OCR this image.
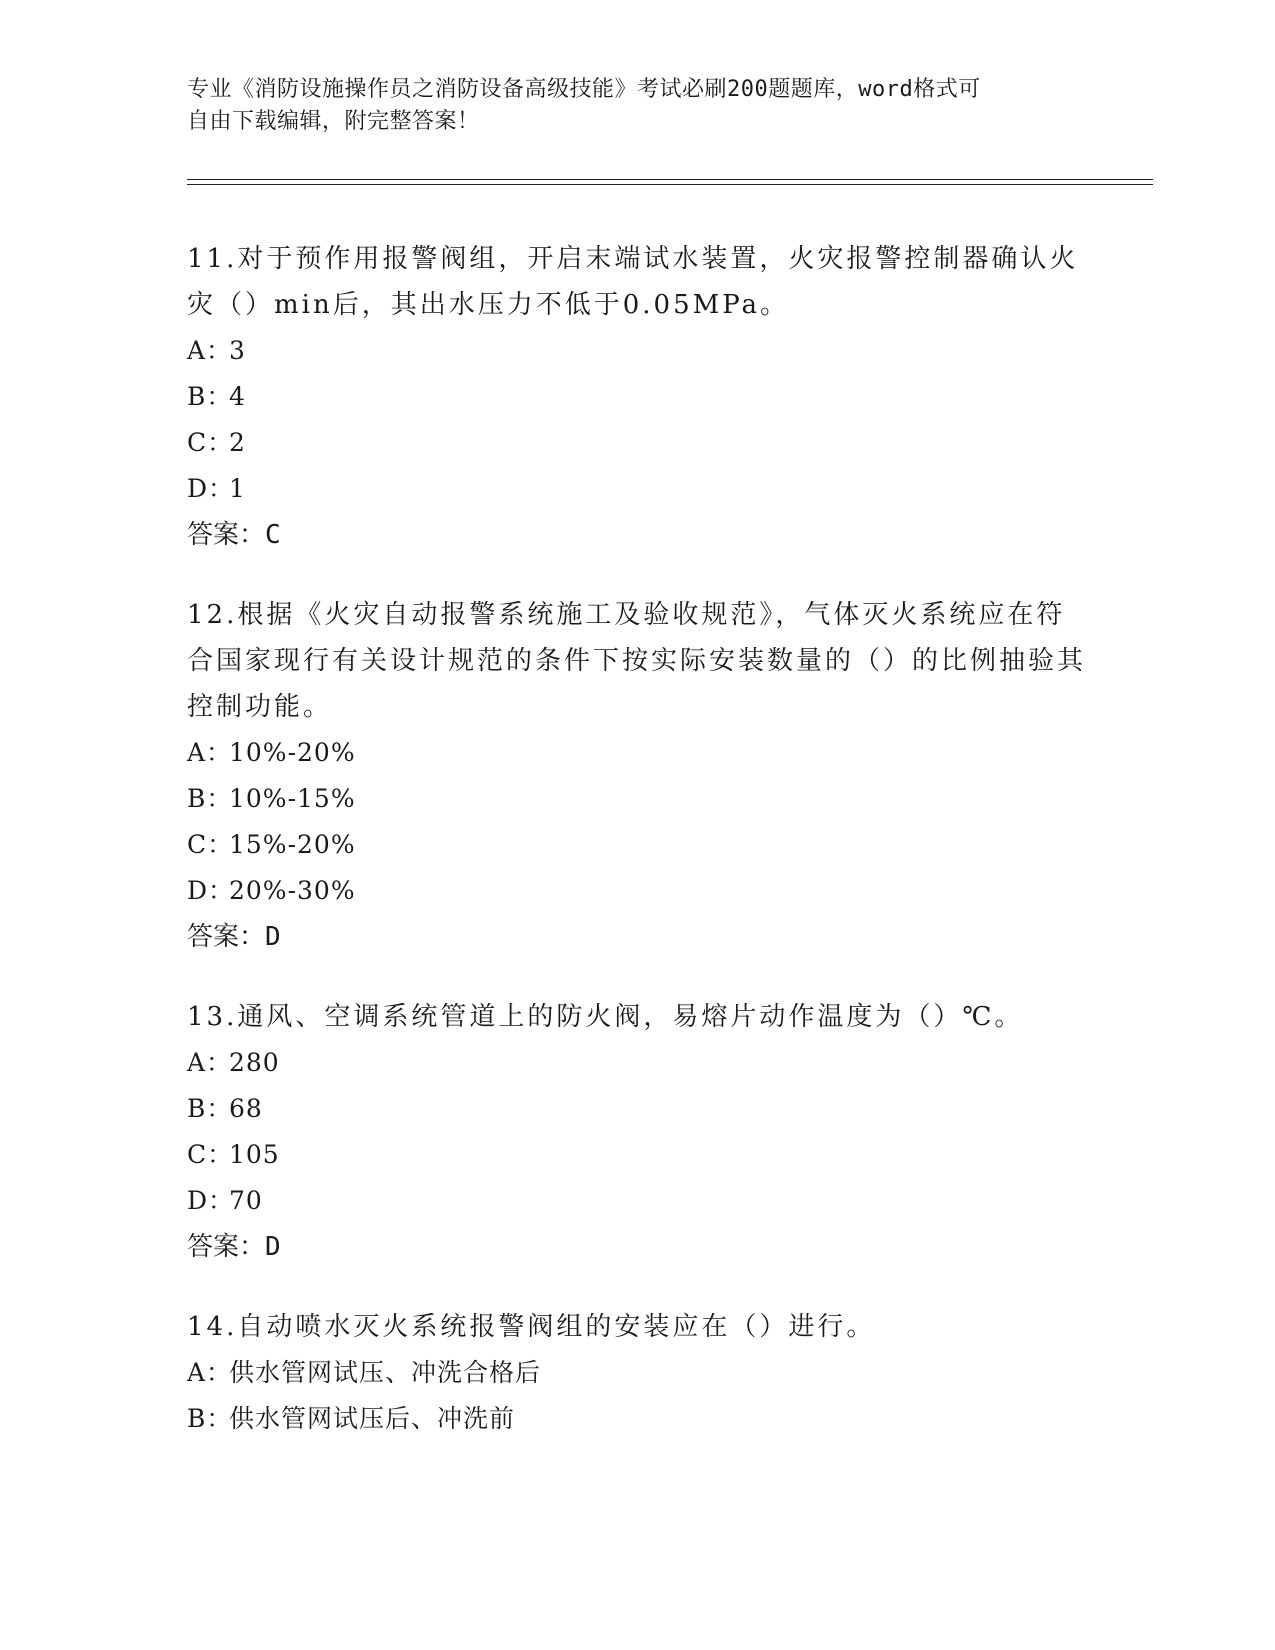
专业《消防设施操作员之消防设备高级技能》考试必刷200题题库，word格式可
自由下载编辑，附完整答案！

11.对于预作用报警阀组，开启末端试水装置，火灾报警控制器确认火灾（）min后，其出水压力不低于0.05MPa。

A：3

B：4

C：2

D：1

答案：C

12.根据《火灾自动报警系统施工及验收规范》，气体灭火系统应在符合国家现行有关设计规范的条件下按实际安装数量的（）的比例抽验其控制功能。

A：10%-20%

B：10%-15%

C：15%-20%

D：20%-30%

答案：D

13.通风、空调系统管道上的防火阀，易熔片动作温度为（）℃。

A：280

B：68

C：105

D：70

答案：D

14.自动喷水灭火系统报警阀组的安装应在（）进行。

A：供水管网试压、冲洗合格后

B：供水管网试压后、冲洗前
